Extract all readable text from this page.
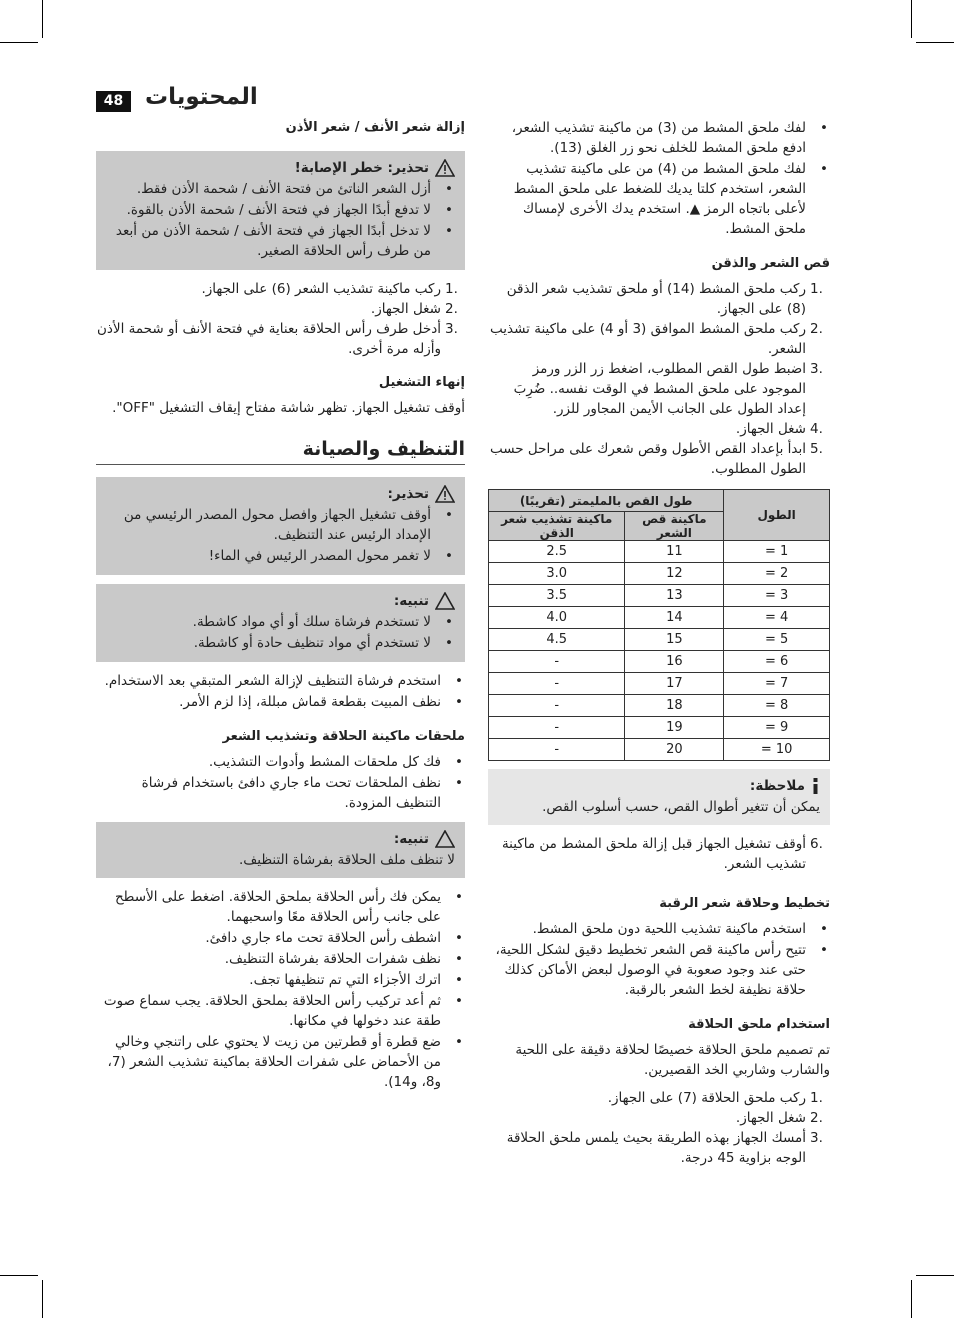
48 المحتويات
• لفك ملحق المشط من (3) من ماكينة تشذيب الشعر، ادفع ملحق المشط للخلف نحو زر الغلق (13).
• لفك ملحق المشط من (4) من على ماكينة تشذيب الشعر، استخدم كلتا يديك للضغط على ملحق المشط لأعلى باتجاه الرمز ▲. استخدم يدك الأخرى لإمساك ملحق المشط.
قص الشعر والذقن
1.
ركب ملحق المشط (14) أو ملحق تشذيب شعر الذقن (8) على الجهاز.
2.
ركب ملحق المشط الموافق (3 أو 4) على ماكينة تشذيب الشعر.
3.
اضبط طول القص المطلوب، اضغط زر الزر ورمز الموجود على ملحق المشط في الوقت نفسه.. ضُرِبَ إعداد الطول على الجانب الأيمن المجاور للزر.
4.
شغل الجهاز.
5.
ابدأ بإعداد القص الأطول وقص شعرك على مراحل حسب الطول المطلوب.
الطول	طول القص بالمليمتر (تقريبًا)	
	ماكينة قص الشعر	ماكينة تشذيب شعر الذقن
= 1	11	2.5
= 2	12	3.0
= 3	13	3.5
= 4	14	4.0
= 5	15	4.5
= 6	16	-
= 7	17	-
= 8	18	-
= 9	19	-
= 10	20	-
ملاحظة:

يمكن أن تتغير أطوال القص، حسب أسلوب القص.

6.
أوقف تشغيل الجهاز قبل إزالة ملحق المشط من ماكينة تشذيب الشعر.
تخطيط وحلاقة شعر الرقبة
• استخدم ماكينة تشذيب اللحية دون ملحق المشط.
• تتيح رأس ماكينة قص الشعر تخطيط دقيق لشكل اللحية، حتى عند وجود صعوبة في الوصول لبعض الأماكن كذلك حلاقة نظيفة لخط الشعر بالرقبة.
استخدام ملحق الحلاقة

تم تصميم ملحق الحلاقة خصيصًا لحلاقة دقيقة على اللحية والشارب وشاربي الخد القصيرين.

1.
ركب ملحق الحلاقة (7) على الجهاز.
2.
شغل الجهاز.
3.
أمسك الجهاز بهذه الطريقة بحيث يلمس ملحق الحلاقة الوجه بزاوية 45 درجة.
إزالة شعر الأنف / شعر الأذن
تحذير: خطر الإصابة!
• أزل الشعر الناتئ من فتحة الأنف / شحمة الأذن فقط.
• لا تدفع أبدًا الجهاز في فتحة الأنف / شحمة الأذن بالقوة.
• لا تدخل أبدًا الجهاز في فتحة الأنف / شحمة الأذن من أبعد من طرف رأس الحلاقة الصغير.
1.
ركب ماكينة تشذيب الشعر (6) على الجهاز.
2.
شغل الجهاز.
3.
أدخل طرف رأس الحلاقة بعناية في فتحة الأنف أو شحمة الأذن وأزله مرة أخرى.
إنهاء التشغيل

أوقف تشغيل الجهاز. تظهر شاشة مفتاح إيقاف التشغيل "OFF".

التنظيف والصيانة
تحذير:
• أوقف تشغيل الجهاز وافصل محول المصدر الرئيسي من الإمداد الرئيس عند التنظيف.
• لا تغمر محول المصدر الرئيس في الماء!
تنبيه:
• لا تستخدم فرشاة سلك أو أي مواد كاشطة.
• لا تستخدم أي مواد تنظيف حادة أو كاشطة.
• استخدم فرشاة التنظيف لإزالة الشعر المتبقي بعد الاستخدام.
• نظف المبيت بقطعة قماش مبللة، إذا لزم الأمر.
ملحقات ماكينة الحلاقة وتشذيب الشعر
• فك كل ملحقات المشط وأدوات التشذيب.
• نظف الملحقات تحت ماء جاري دافئ باستخدام فرشاة التنظيف المزودة.
تنبيه:

لا تنظف ملف الحلاقة بفرشاة التنظيف.

• يمكن فك رأس الحلاقة بملحق الحلاقة. اضغط على الأسطح على جانب رأس الحلاقة معًا واسحبهما.
• اشطف رأس الحلاقة تحت ماء جاري دافئ.
• نظف شفرات الحلاقة بفرشاة التنظيف.
• اترك الأجزاء التي تم تنظيفها تجف.
• ثم أعد تركيب رأس الحلاقة بملحق الحلاقة. يجب سماع صوت طقة عند دخولها في مكانها.
• ضع قطرة أو قطرتين من زيت لا يحتوي على راتنجي وخالي من الأحماض على شفرات الحلاقة بماكينة تشذيب الشعر (7، و8، و14).
